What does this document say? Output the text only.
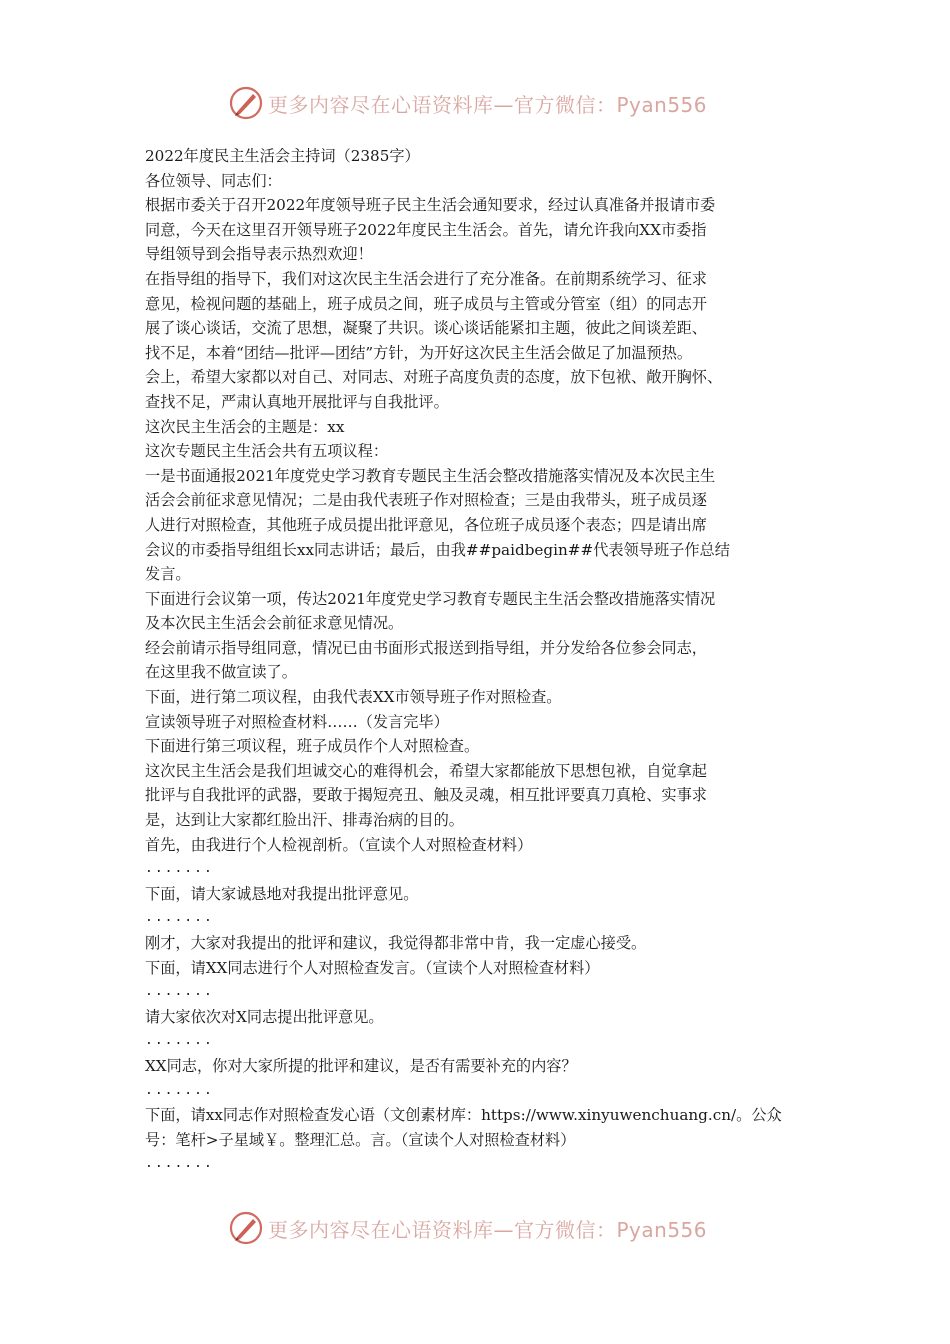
更多内容尽在心语资料库—官方微信：Pyan556
2022年度民主生活会主持词（2385字）
各位领导、同志们：
根据市委关于召开2022年度领导班子民主生活会通知要求，经过认真准备并报请市委
同意，今天在这里召开领导班子2022年度民主生活会。首先，请允许我向XX市委指
导组领导到会指导表示热烈欢迎！
在指导组的指导下，我们对这次民主生活会进行了充分准备。在前期系统学习、征求
意见，检视问题的基础上，班子成员之间，班子成员与主管或分管室（组）的同志开
展了谈心谈话，交流了思想，凝聚了共识。谈心谈话能紧扣主题，彼此之间谈差距、
找不足，本着“团结—批评—团结”方针，为开好这次民主生活会做足了加温预热。
会上，希望大家都以对自己、对同志、对班子高度负责的态度，放下包袱、敞开胸怀、
查找不足，严肃认真地开展批评与自我批评。
这次民主生活会的主题是：xx
这次专题民主生活会共有五项议程：
一是书面通报2021年度党史学习教育专题民主生活会整改措施落实情况及本次民主生
活会会前征求意见情况；二是由我代表班子作对照检查；三是由我带头，班子成员逐
人进行对照检查，其他班子成员提出批评意见，各位班子成员逐个表态；四是请出席
会议的市委指导组组长xx同志讲话；最后，由我##paidbegin##代表领导班子作总结
发言。
下面进行会议第一项，传达2021年度党史学习教育专题民主生活会整改措施落实情况
及本次民主生活会会前征求意见情况。
经会前请示指导组同意，情况已由书面形式报送到指导组，并分发给各位参会同志，
在这里我不做宣读了。
下面，进行第二项议程，由我代表XX市领导班子作对照检查。
宣读领导班子对照检查材料……（发言完毕）
下面进行第三项议程，班子成员作个人对照检查。
这次民主生活会是我们坦诚交心的难得机会，希望大家都能放下思想包袱，自觉拿起
批评与自我批评的武器，要敢于揭短亮丑、触及灵魂，相互批评要真刀真枪、实事求
是，达到让大家都红脸出汗、排毒治病的目的。
首先，由我进行个人检视剖析。（宣读个人对照检查材料）
.......
下面，请大家诚恳地对我提出批评意见。
.......
刚才，大家对我提出的批评和建议，我觉得都非常中肯，我一定虚心接受。
下面，请XX同志进行个人对照检查发言。（宣读个人对照检查材料）
.......
请大家依次对X同志提出批评意见。
.......
XX同志，你对大家所提的批评和建议，是否有需要补充的内容？
.......
下面，请xx同志作对照检查发心语（文创素材库：https://www.xinyuwenchuang.cn/。公众
号：笔杆>子星域￥。整理汇总。言。（宣读个人对照检查材料）
.......
更多内容尽在心语资料库—官方微信：Pyan556
